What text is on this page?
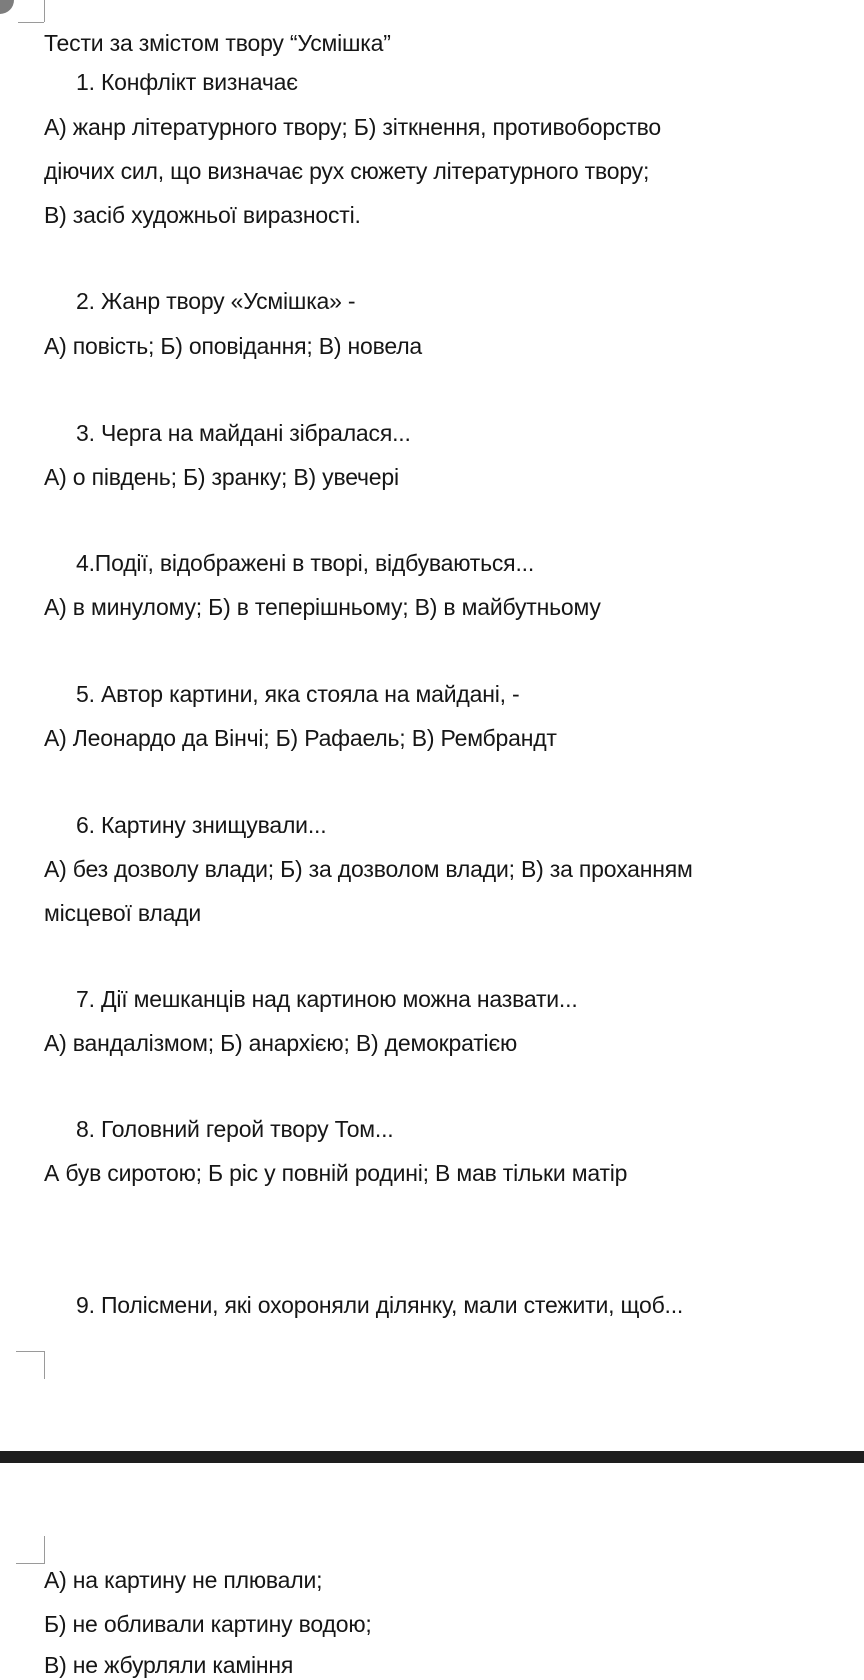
Тести за змістом твору “Усмішка”
1. Конфлікт визначає
А) жанр літературного твору; Б) зіткнення, противоборство
діючих сил, що визначає рух сюжету літературного твору;
В) засіб художньої виразності.
2. Жанр твору «Усмішка» -
А) повість; Б) оповідання; В) новела
3. Черга на майдані зібралася...
А) о південь; Б) зранку; В) увечері
4.Події, відображені в творі, відбуваються...
А) в минулому; Б) в теперішньому; В) в майбутньому
5. Автор картини, яка стояла на майдані, -
А) Леонардо да Вінчі; Б) Рафаель; В) Рембрандт
6. Картину знищували...
А) без дозволу влади; Б) за дозволом влади; В) за проханням
місцевої влади
7. Дії мешканців над картиною можна назвати...
А) вандалізмом; Б) анархією; В) демократією
8. Головний герой твору Том...
А був сиротою; Б ріс у повній родині; В мав тільки матір
9. Полісмени, які охороняли ділянку, мали стежити, щоб...
А) на картину не плювали;
Б) не обливали картину водою;
В) не жбурляли каміння
